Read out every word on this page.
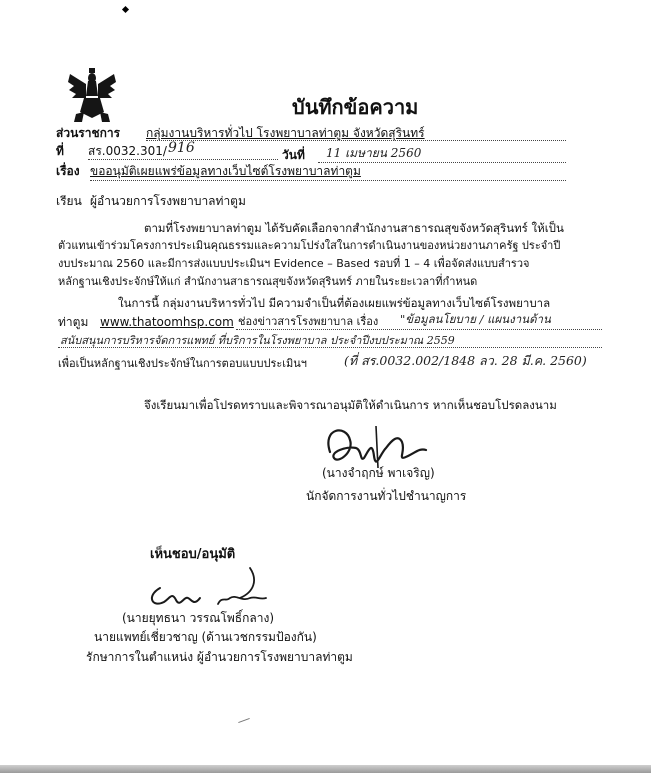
บันทึกข้อความ
ส่วนราชการ กลุ่มงานบริหารทั่วไป โรงพยาบาลท่าตูม จังหวัดสุรินทร์
ที่ สร.0032.301/ 916	วันที่ 11 เมษายน 2560
เรื่อง ขออนุมัติเผยแพร่ข้อมูลทางเว็บไซต์โรงพยาบาลท่าตูม
เรียน ผู้อำนวยการโรงพยาบาลท่าตูม
ตามที่โรงพยาบาลท่าตูม ได้รับคัดเลือกจากสำนักงานสาธารณสุขจังหวัดสุรินทร์ ให้เป็น
ตัวแทนเข้าร่วมโครงการประเมินคุณธรรมและความโปร่งใสในการดำเนินงานของหน่วยงานภาครัฐ ประจำปี
งบประมาณ 2560 และมีการส่งแบบประเมินฯ Evidence – Based รอบที่ 1 – 4 เพื่อจัดส่งแบบสำรวจ
หลักฐานเชิงประจักษ์ให้แก่ สำนักงานสาธารณสุขจังหวัดสุรินทร์ ภายในระยะเวลาที่กำหนด
ในการนี้ กลุ่มงานบริหารทั่วไป มีความจำเป็นที่ต้องเผยแพร่ข้อมูลทางเว็บไซต์โรงพยาบาล
ท่าตูม www.thatoomhsp.com ช่องข่าวสารโรงพยาบาล เรื่อง "ข้อมูลนโยบาย / แผนงานด้าน
สนับสนุนการบริหารจัดการแพทย์ ที่บริการในโรงพยาบาล ประจำปีงบประมาณ 2559
เพื่อเป็นหลักฐานเชิงประจักษ์ในการตอบแบบประเมินฯ	(ที่ สร.0032.002/1848 ลว. 28 มี.ค. 2560)
จึงเรียนมาเพื่อโปรดทราบและพิจารณาอนุมัติให้ดำเนินการ หากเห็นชอบโปรดลงนาม
(นางจำฤกษ์ พาเจริญ)
นักจัดการงานทั่วไปชำนาญการ
เห็นชอบ/อนุมัติ
(นายยุทธนา วรรณโพธิ์กลาง)
นายแพทย์เชี่ยวชาญ (ด้านเวชกรรมป้องกัน)
รักษาการในตำแหน่ง ผู้อำนวยการโรงพยาบาลท่าตูม
